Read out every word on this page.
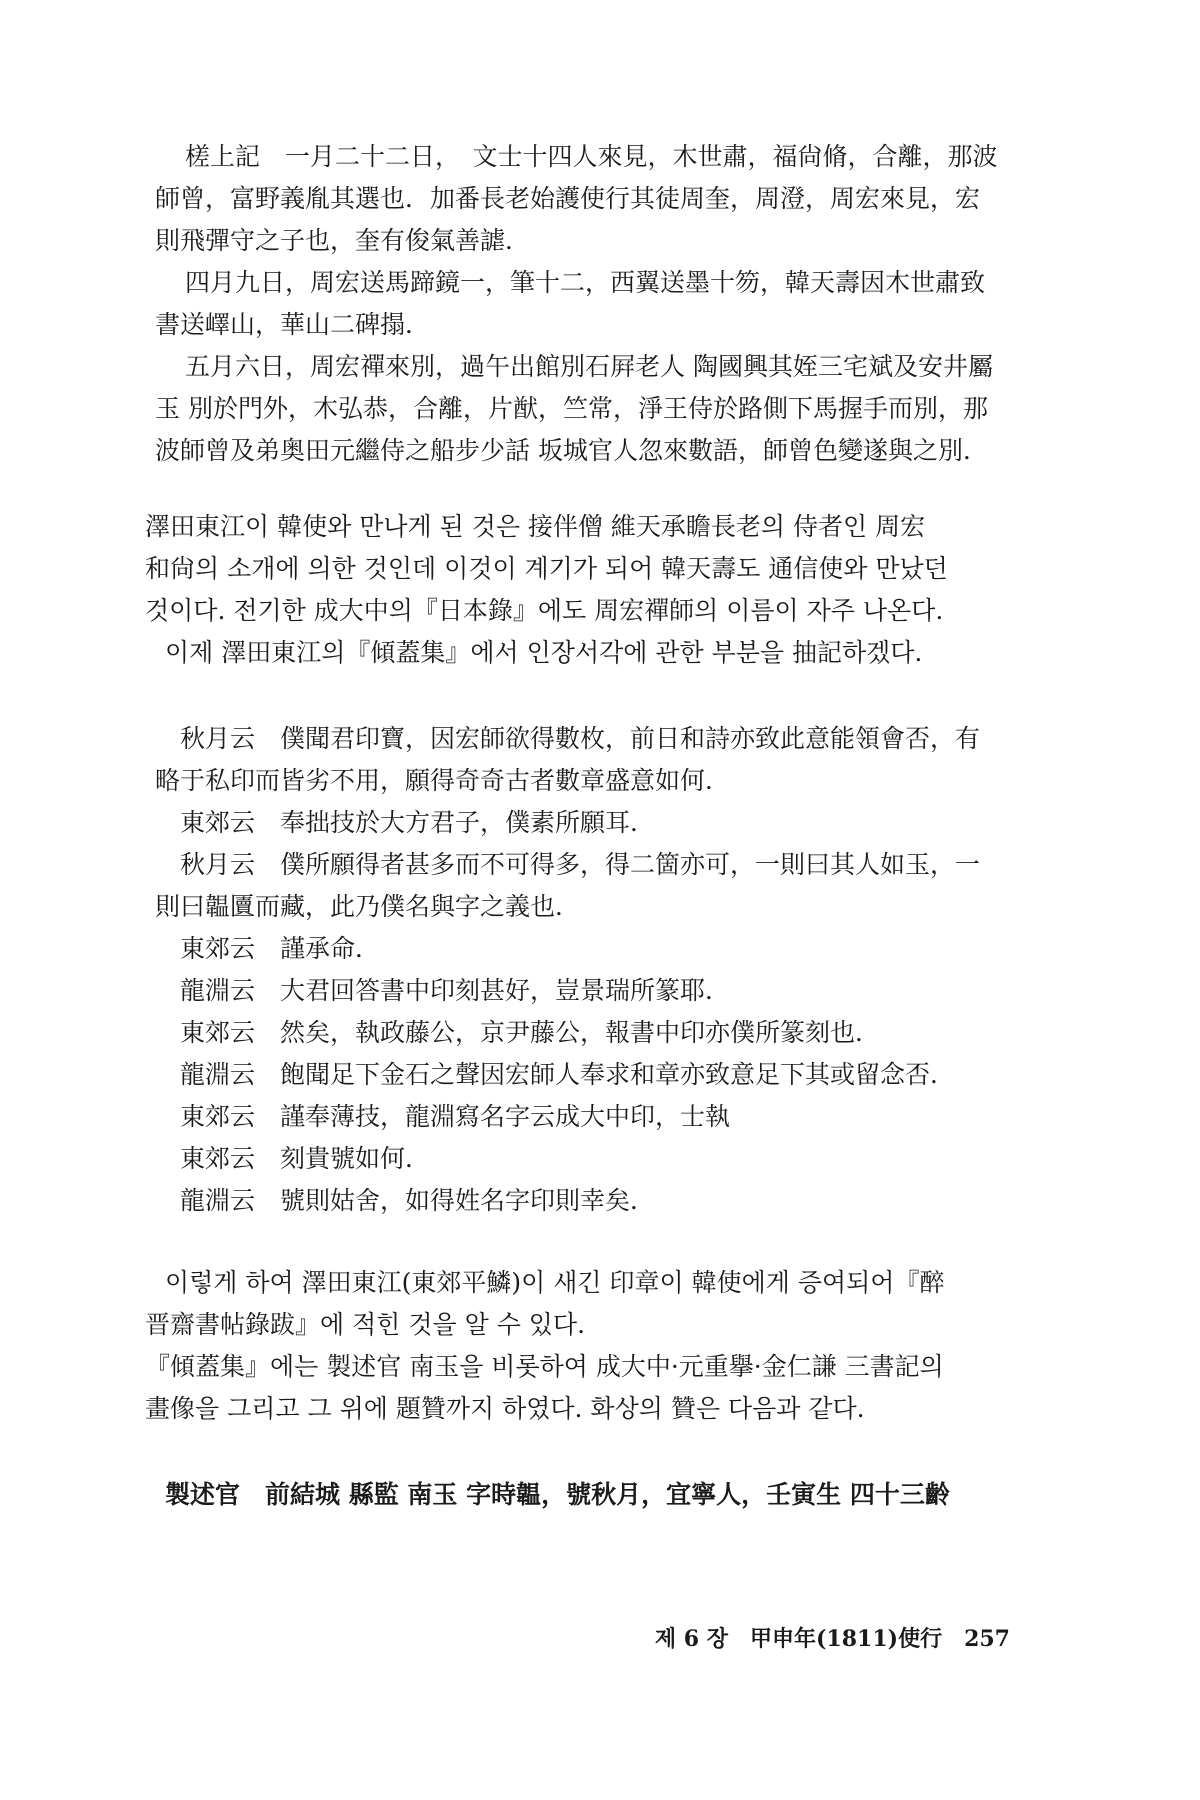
槎上記　一月二十二日，　文士十四人來見，木世肅，福尙脩，合離，那波
師曾，富野義胤其選也．加番長老始護使行其徒周奎，周澄，周宏來見，宏
則飛彈守之子也，奎有俊氣善謔．
四月九日，周宏送馬蹄鏡一，筆十二，西翼送墨十笏，韓天壽因木世肅致
書送嶧山，華山二碑搨．
五月六日，周宏禪來別，過午出館別石屛老人 陶國興其姪三宅斌及安井屬
玉 別於門外，木弘恭，合離，片猷，竺常，淨王侍於路側下馬握手而別，那
波師曾及弟奥田元繼侍之船步少話 坂城官人忽來數語，師曾色變遂與之別．
澤田東江이 韓使와 만나게 된 것은 接伴僧 維天承瞻長老의 侍者인 周宏
和尙의 소개에 의한 것인데 이것이 계기가 되어 韓天壽도 通信使와 만났던
것이다. 전기한 成大中의『日本錄』에도 周宏禪師의 이름이 자주 나온다.
이제 澤田東江의『傾蓋集』에서 인장서각에 관한 부분을 抽記하겠다.
秋月云　僕聞君印寶，因宏師欲得數枚，前日和詩亦致此意能領會否，有
略于私印而皆劣不用，願得奇奇古者數章盛意如何．
東郊云　奉拙技於大方君子，僕素所願耳．
秋月云　僕所願得者甚多而不可得多，得二箇亦可，一則曰其人如玉，一
則曰韞匵而藏，此乃僕名與字之義也．
東郊云　謹承命．
龍淵云　大君回答書中印刻甚好，豈景瑞所篆耶．
東郊云　然矣，執政藤公，京尹藤公，報書中印亦僕所篆刻也．
龍淵云　飽聞足下金石之聲因宏師人奉求和章亦致意足下其或留念否．
東郊云　謹奉薄技，龍淵寫名字云成大中印，士執
東郊云　刻貴號如何．
龍淵云　號則姑舍，如得姓名字印則幸矣．
이렇게 하여 澤田東江(東郊平鱗)이 새긴 印章이 韓使에게 증여되어『醉
晋齋書帖錄跋』에 적힌 것을 알 수 있다.
『傾蓋集』에는 製述官 南玉을 비롯하여 成大中·元重擧·金仁謙 三書記의
畫像을 그리고 그 위에 題贊까지 하였다. 화상의 贊은 다음과 같다.
製述官　前結城 縣監 南玉 字時韞，號秋月，宜寧人，壬寅生 四十三齡
제 6 장　甲申年(1811)使行　257
